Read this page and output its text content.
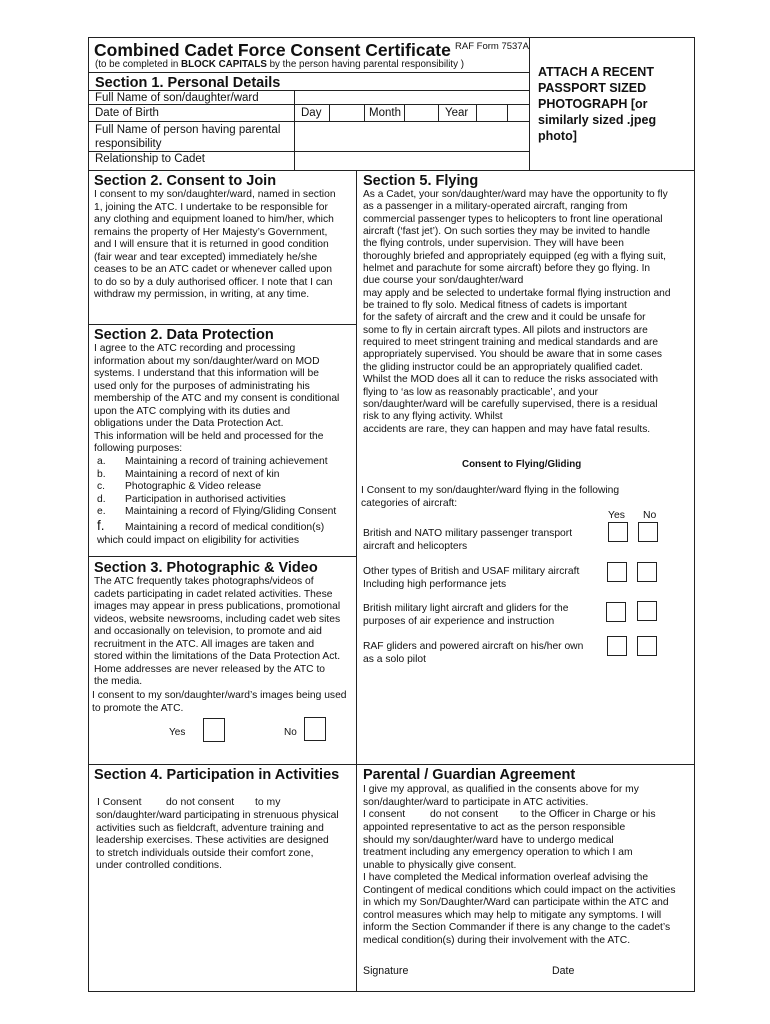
Combined Cadet Force Consent Certificate RAF Form 7537A
(to be completed in BLOCK CAPITALS by the person having parental responsibility )
ATTACH A RECENT
PASSPORT SIZED
PHOTOGRAPH [or
similarly sized .jpeg
photo]
Section 1. Personal Details
Full Name of son/daughter/ward
Date of Birth	Day	Month	Year
Full Name of person having parental
responsibility
Relationship to Cadet
Section 2. Consent to Join
I consent to my son/daughter/ward, named in section
1, joining the ATC. I undertake to be responsible for
any clothing and equipment loaned to him/her, which
remains the property of Her Majesty’s Government,
and I will ensure that it is returned in good condition
(fair wear and tear excepted) immediately he/she
ceases to be an ATC cadet or whenever called upon
to do so by a duly authorised officer. I note that I can
withdraw my permission, in writing, at any time.
Section 2. Data Protection
I agree to the ATC recording and processing
information about my son/daughter/ward on MOD
systems. I understand that this information will be
used only for the purposes of administrating his
membership of the ATC and my consent is conditional
upon the ATC complying with its duties and
obligations under the Data Protection Act.
This information will be held and processed for the
following purposes:
a. Maintaining a record of training achievement
b. Maintaining a record of next of kin
c. Photographic & Video release
d. Participation in authorised activities
e. Maintaining a record of Flying/Gliding Consent
f. Maintaining a record of medical condition(s)
which could impact on eligibility for activities
Section 3. Photographic & Video
The ATC frequently takes photographs/videos of
cadets participating in cadet related activities. These
images may appear in press publications, promotional
videos, website newsrooms, including cadet web sites
and occasionally on television, to promote and aid
recruitment in the ATC. All images are taken and
stored within the limitations of the Data Protection Act.
Home addresses are never released by the ATC to
the media.
I consent to my son/daughter/ward’s images being used
to promote the ATC.
Yes	No
Section 4. Participation in Activities
I Consent do not consent to my
son/daughter/ward participating in strenuous physical
activities such as fieldcraft, adventure training and
leadership exercises. These activities are designed
to stretch individuals outside their comfort zone,
under controlled conditions.
Section 5. Flying
As a Cadet, your son/daughter/ward may have the opportunity to fly
as a passenger in a military-operated aircraft, ranging from
commercial passenger types to helicopters to front line operational
aircraft (‘fast jet’). On such sorties they may be invited to handle
the flying controls, under supervision. They will have been
thoroughly briefed and appropriately equipped (eg with a flying suit,
helmet and parachute for some aircraft) before they go flying. In
due course your son/daughter/ward
may apply and be selected to undertake formal flying instruction and
be trained to fly solo. Medical fitness of cadets is important
for the safety of aircraft and the crew and it could be unsafe for
some to fly in certain aircraft types. All pilots and instructors are
required to meet stringent training and medical standards and are
appropriately supervised. You should be aware that in some cases
the gliding instructor could be an appropriately qualified cadet.
Whilst the MOD does all it can to reduce the risks associated with
flying to ‘as low as reasonably practicable’, and your
son/daughter/ward will be carefully supervised, there is a residual
risk to any flying activity. Whilst
accidents are rare, they can happen and may have fatal results.
Consent to Flying/Gliding
I Consent to my son/daughter/ward flying in the following
categories of aircraft:
Yes No
British and NATO military passenger transport
aircraft and helicopters
Other types of British and USAF military aircraft
Including high performance jets
British military light aircraft and gliders for the
purposes of air experience and instruction
RAF gliders and powered aircraft on his/her own
as a solo pilot
Parental / Guardian Agreement
I give my approval, as qualified in the consents above for my
son/daughter/ward to participate in ATC activities.
I consent do not consent to the Officer in Charge or his
appointed representative to act as the person responsible
should my son/daughter/ward have to undergo medical
treatment including any emergency operation to which I am
unable to physically give consent.
I have completed the Medical information overleaf advising the
Contingent of medical conditions which could impact on the activities
in which my Son/Daughter/Ward can participate within the ATC and
control measures which may help to mitigate any symptoms. I will
inform the Section Commander if there is any change to the cadet’s
medical condition(s) during their involvement with the ATC.
Signature	Date
